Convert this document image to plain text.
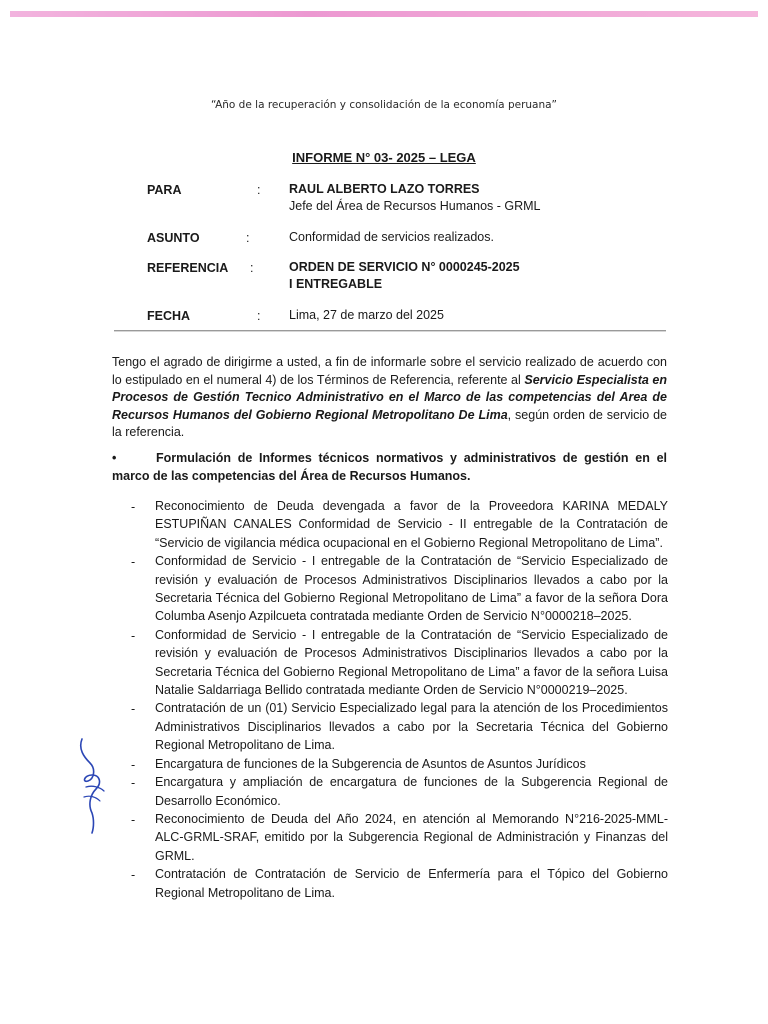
“Año de la recuperación y consolidación de la economía peruana”
INFORME N° 03- 2025 – LEGA
PARA	: RAUL ALBERTO LAZO TORRES
Jefe del Área de Recursos Humanos - GRML
ASUNTO	:	Conformidad de servicios realizados.
REFERENCIA :	ORDEN DE SERVICIO N° 0000245-2025
I ENTREGABLE
FECHA	: Lima, 27 de marzo del 2025
Tengo el agrado de dirigirme a usted, a fin de informarle sobre el servicio realizado de acuerdo con lo estipulado en el numeral 4) de los Términos de Referencia, referente al Servicio Especialista en Procesos de Gestión Tecnico Administrativo en el Marco de las competencias del Area de Recursos Humanos del Gobierno Regional Metropolitano De Lima, según orden de servicio de la referencia.
•	Formulación de Informes técnicos normativos y administrativos de gestión en el marco de las competencias del Área de Recursos Humanos.
- Reconocimiento de Deuda devengada a favor de la Proveedora KARINA MEDALY ESTUPIÑAN CANALES Conformidad de Servicio - II entregable de la Contratación de “Servicio de vigilancia médica ocupacional en el Gobierno Regional Metropolitano de Lima”.
- Conformidad de Servicio - I entregable de la Contratación de “Servicio Especializado de revisión y evaluación de Procesos Administrativos Disciplinarios llevados a cabo por la Secretaria Técnica del Gobierno Regional Metropolitano de Lima” a favor de la señora Dora Columba Asenjo Azpilcueta contratada mediante Orden de Servicio N°0000218–2025.
- Conformidad de Servicio - I entregable de la Contratación de “Servicio Especializado de revisión y evaluación de Procesos Administrativos Disciplinarios llevados a cabo por la Secretaria Técnica del Gobierno Regional Metropolitano de Lima” a favor de la señora Luisa Natalie Saldarriaga Bellido contratada mediante Orden de Servicio N°0000219–2025.
- Contratación de un (01) Servicio Especializado legal para la atención de los Procedimientos Administrativos Disciplinarios llevados a cabo por la Secretaria Técnica del Gobierno Regional Metropolitano de Lima.
- Encargatura de funciones de la Subgerencia de Asuntos de Asuntos Jurídicos
- Encargatura y ampliación de encargatura de funciones de la Subgerencia Regional de Desarrollo Económico.
- Reconocimiento de Deuda del Año 2024, en atención al Memorando N°216-2025-MML-ALC-GRML-SRAF, emitido por la Subgerencia Regional de Administración y Finanzas del GRML.
- Contratación de Contratación de Servicio de Enfermería para el Tópico del Gobierno Regional Metropolitano de Lima.
